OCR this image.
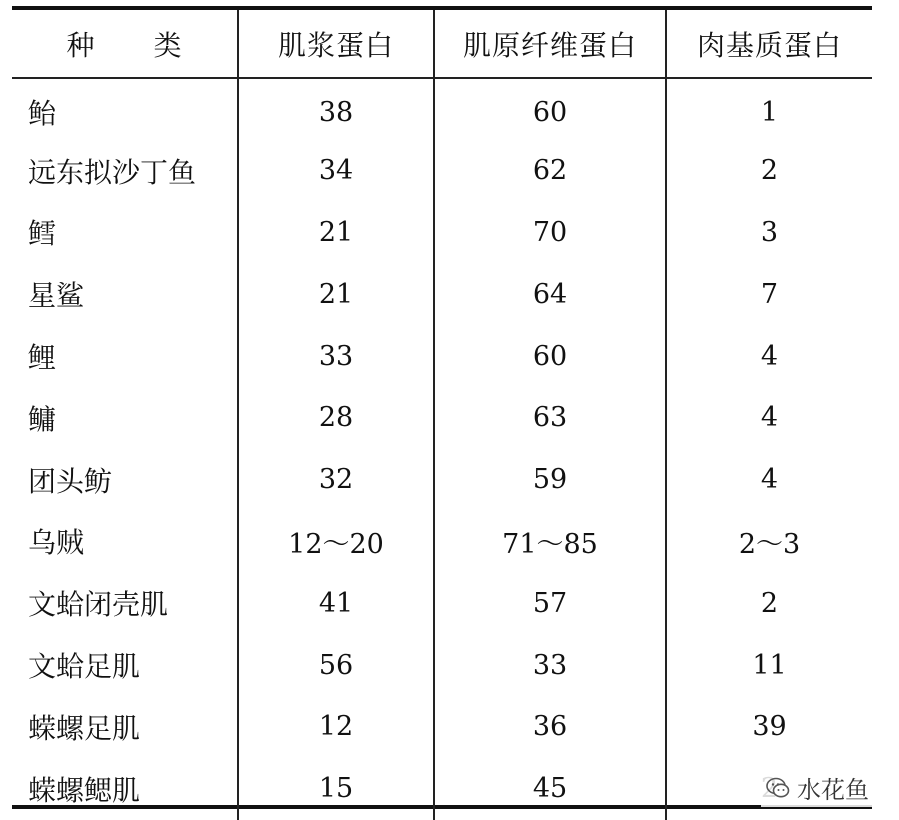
种　　类	肌浆蛋白	肌原纤维蛋白	肉基质蛋白
鲐	38	60	1
远东拟沙丁鱼	34	62	2
鳕	21	70	3
星鲨	21	64	7
鲤	33	60	4
鳙	28	63	4
团头鲂	32	59	4
乌贼	12～20	71～85	2～3
文蛤闭壳肌	41	57	2
文蛤足肌	56	33	11
蝾螺足肌	12	36	39
蝾螺鳃肌	15	45		水花鱼
